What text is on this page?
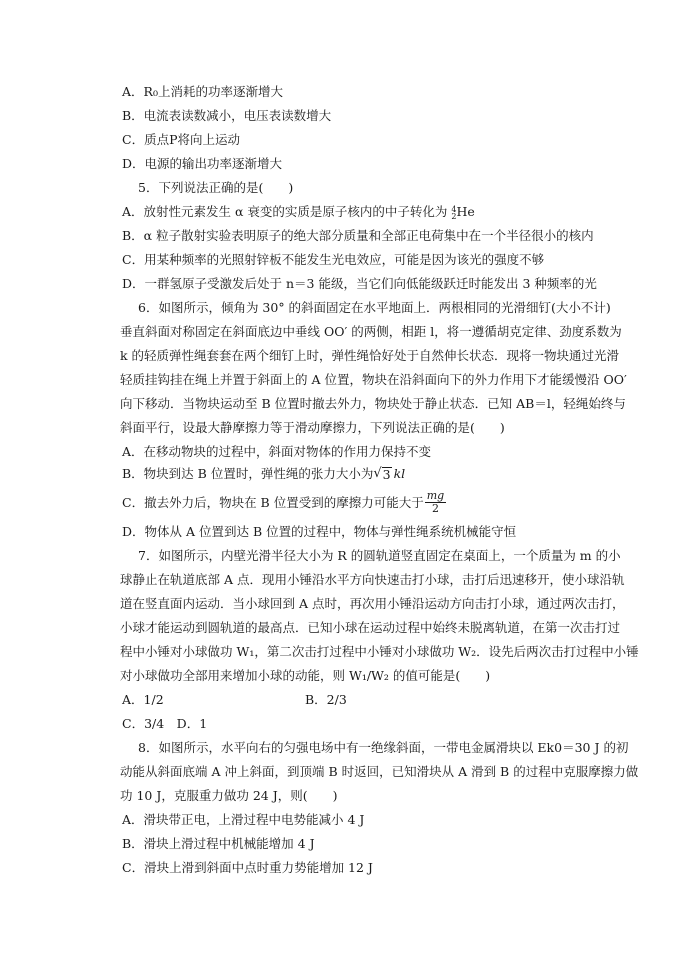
A．R₀上消耗的功率逐渐增大
B．电流表读数减小，电压表读数增大
C．质点P将向上运动
D．电源的输出功率逐渐增大
5．下列说法正确的是(　　)
A．放射性元素发生 α 衰变的实质是原子核内的中子转化为 4
2 He
B．α 粒子散射实验表明原子的绝大部分质量和全部正电荷集中在一个半径很小的核内
C．用某种频率的光照射锌板不能发生光电效应，可能是因为该光的强度不够
D．一群氢原子受激发后处于 n＝3 能级，当它们向低能级跃迁时能发出 3 种频率的光
6．如图所示，倾角为 30° 的斜面固定在水平地面上．两根相同的光滑细钉(大小不计)
垂直斜面对称固定在斜面底边中垂线 OO′ 的两侧，相距 l，将一遵循胡克定律、劲度系数为
k 的轻质弹性绳套套在两个细钉上时，弹性绳恰好处于自然伸长状态．现将一物块通过光滑
轻质挂钩挂在绳上并置于斜面上的 A 位置，物块在沿斜面向下的外力作用下才能缓慢沿 OO′
向下移动．当物块运动至 B 位置时撤去外力，物块处于静止状态．已知 AB＝l，轻绳始终与
斜面平行，设最大静摩擦力等于滑动摩擦力，下列说法正确的是(　　)
A．在移动物块的过程中，斜面对物体的作用力保持不变
B．物块到达 B 位置时，弹性绳的张力大小为 √ 3 kl
C．撤去外力后，物块在 B 位置受到的摩擦力可能大于 $\frac{mg}{2}$
D．物体从 A 位置到达 B 位置的过程中，物体与弹性绳系统机械能守恒
7．如图所示，内壁光滑半径大小为 R 的圆轨道竖直固定在桌面上，一个质量为 m 的小
球静止在轨道底部 A 点．现用小锤沿水平方向快速击打小球，击打后迅速移开，使小球沿轨
道在竖直面内运动．当小球回到 A 点时，再次用小锤沿运动方向击打小球，通过两次击打，
小球才能运动到圆轨道的最高点．已知小球在运动过程中始终未脱离轨道，在第一次击打过
程中小锤对小球做功 W₁，第二次击打过程中小锤对小球做功 W₂．设先后两次击打过程中小锤
对小球做功全部用来增加小球的动能，则 W₁/W₂ 的值可能是(　　)
A．1/2	B．2/3
C．3/4　D．1
8．如图所示，水平向右的匀强电场中有一绝缘斜面，一带电金属滑块以 Ek0＝30 J 的初
动能从斜面底端 A 冲上斜面，到顶端 B 时返回，已知滑块从 A 滑到 B 的过程中克服摩擦力做
功 10 J，克服重力做功 24 J，则(　　)
A．滑块带正电，上滑过程中电势能减小 4 J
B．滑块上滑过程中机械能增加 4 J
C．滑块上滑到斜面中点时重力势能增加 12 J
